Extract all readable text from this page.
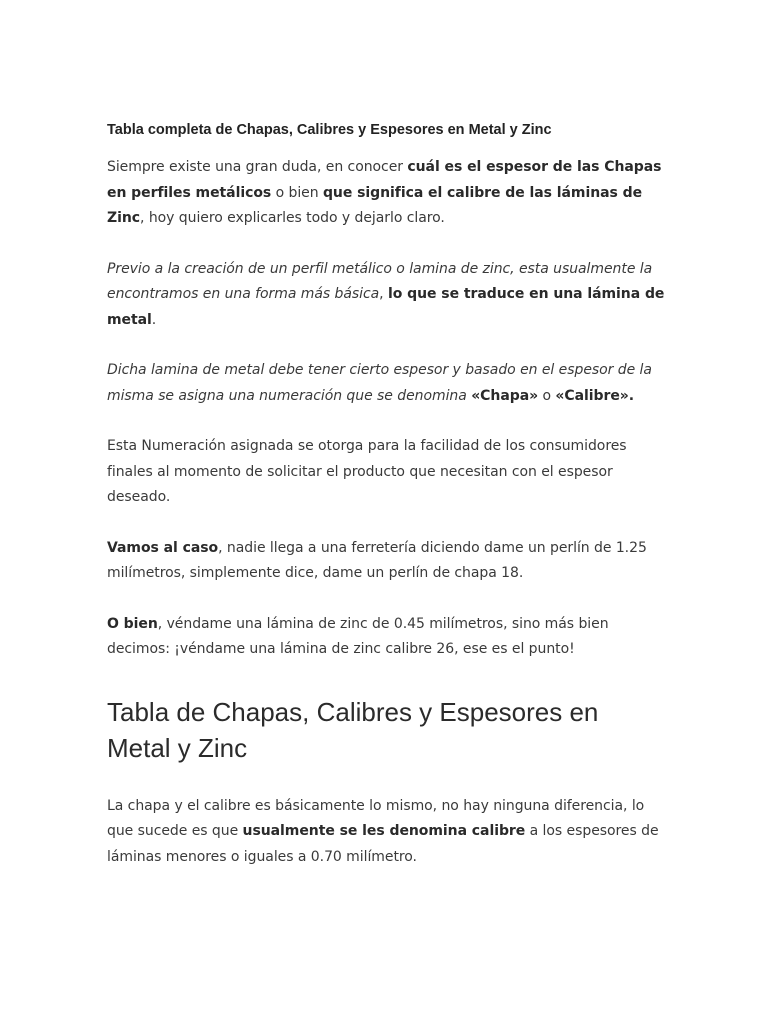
Tabla completa de Chapas, Calibres y Espesores en Metal y Zinc

Siempre existe una gran duda, en conocer cuál es el espesor de las Chapas en perfiles metálicos o bien que significa el calibre de las láminas de Zinc, hoy quiero explicarles todo y dejarlo claro.

Previo a la creación de un perfil metálico o lamina de zinc, esta usualmente la encontramos en una forma más básica, lo que se traduce en una lámina de metal.

Dicha lamina de metal debe tener cierto espesor y basado en el espesor de la misma se asigna una numeración que se denomina «Chapa» o «Calibre».

Esta Numeración asignada se otorga para la facilidad de los consumidores finales al momento de solicitar el producto que necesitan con el espesor deseado.

Vamos al caso, nadie llega a una ferretería diciendo dame un perlín de 1.25 milímetros, simplemente dice, dame un perlín de chapa 18.

O bien, véndame una lámina de zinc de 0.45 milímetros, sino más bien decimos: ¡véndame una lámina de zinc calibre 26, ese es el punto!

Tabla de Chapas, Calibres y Espesores en Metal y Zinc

La chapa y el calibre es básicamente lo mismo, no hay ninguna diferencia, lo que sucede es que usualmente se les denomina calibre a los espesores de láminas menores o iguales a 0.70 milímetro.
